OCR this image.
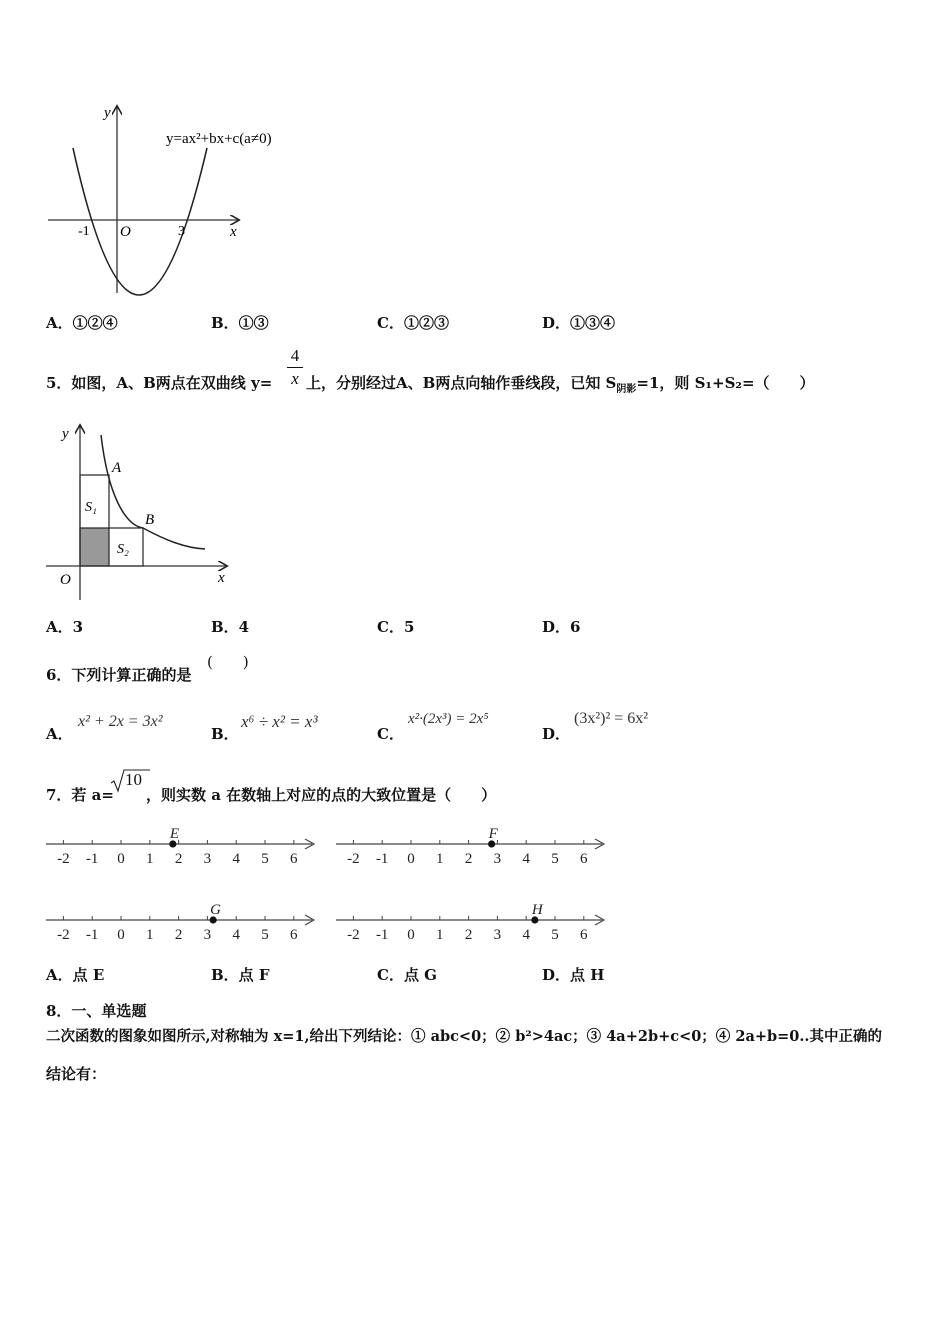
y
x
O
-1	3
y=ax²+bx+c(a≠0)
A．①②④	B．①③	C．①②③	D．①③④
5．如图，A、B两点在双曲线 y=
4
x 上，分别经过A、B两点向轴作垂线段，已知 $S_{阴影}=1$，则 S₁+S₂=（　　）
y
x
O
A
B
S₁
S₂
A．3	B．4	C．5	D．6
6．下列计算正确的是
(　　)
A．
x² + 2x = 3x²
B．
x⁶ ÷ x² = x³
C．
x²·(2x³) = 2x⁵
D．
(3x²)² = 6x²
7．若 a=
10
，则实数 a 在数轴上对应的点的大致位置是（　　）
-2 -1 0 1 2 3 4 5 6
E
-2 -1 0 1 2 3 4 5 6
F
-2 -1 0 1 2 3 4 5 6
G
-2 -1 0 1 2 3 4 5 6
H
A．点 E	B．点 F	C．点 G	D．点 H
8．一、单选题
二次函数的图象如图所示,对称轴为 x=1,给出下列结论：① abc<0；② b²>4ac；③ 4a+2b+c<0；④ 2a+b=0..其中正确的
结论有：
